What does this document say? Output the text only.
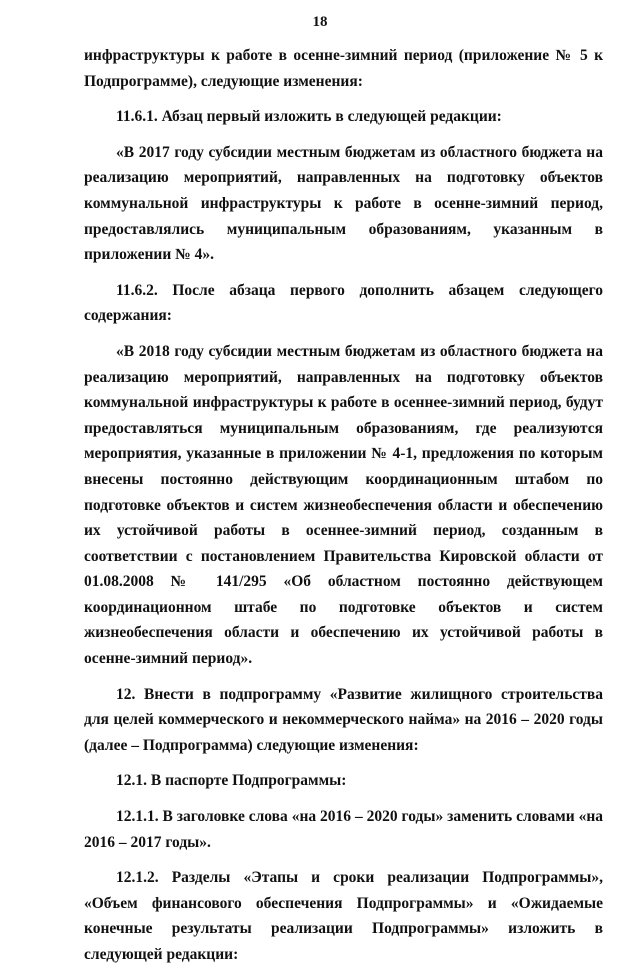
18

инфраструктуры к работе в осенне-зимний период (приложение № 5 к Подпрограмме), следующие изменения:

11.6.1. Абзац первый изложить в следующей редакции:

«В 2017 году субсидии местным бюджетам из областного бюджета на реализацию мероприятий, направленных на подготовку объектов коммунальной инфраструктуры к работе в осенне-зимний период, предоставлялись муниципальным образованиям, указанным в приложении № 4».

11.6.2. После абзаца первого дополнить абзацем следующего содержания:

«В 2018 году субсидии местным бюджетам из областного бюджета на реализацию мероприятий, направленных на подготовку объектов коммунальной инфраструктуры к работе в осеннее-зимний период, будут предоставляться муниципальным образованиям, где реализуются мероприятия, указанные в приложении № 4-1, предложения по которым внесены постоянно действующим координационным штабом по подготовке объектов и систем жизнеобеспечения области и обеспечению их устойчивой работы в осеннее-зимний период, созданным в соответствии с постановлением Правительства Кировской области от 01.08.2008 № 141/295 «Об областном постоянно действующем координационном штабе по подготовке объектов и систем жизнеобеспечения области и обеспечению их устойчивой работы в осенне-зимний период».

12. Внести в подпрограмму «Развитие жилищного строительства для целей коммерческого и некоммерческого найма» на 2016 – 2020 годы (далее – Подпрограмма) следующие изменения:

12.1. В паспорте Подпрограммы:

12.1.1. В заголовке слова «на 2016 – 2020 годы» заменить словами «на 2016 – 2017 годы».

12.1.2. Разделы «Этапы и сроки реализации Подпрограммы», «Объем финансового обеспечения Подпрограммы» и «Ожидаемые конечные результаты реализации Подпрограммы» изложить в следующей редакции:
